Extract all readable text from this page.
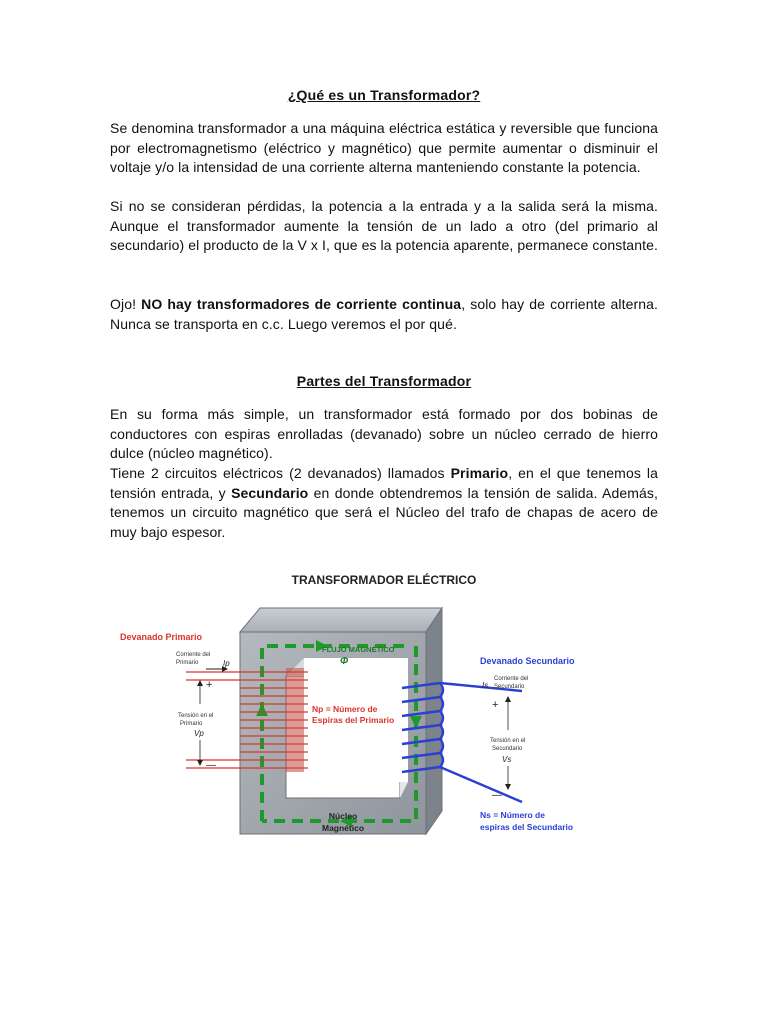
¿Qué es un Transformador?
Se denomina transformador a una máquina eléctrica estática y reversible que funciona por electromagnetismo (eléctrico y magnético) que permite aumentar o disminuir el voltaje y/o la intensidad de una corriente alterna manteniendo constante la potencia.
Si no se consideran pérdidas, la potencia a la entrada y a la salida será la misma. Aunque el transformador aumente la tensión de un lado a otro (del primario al secundario) el producto de la V x I, que es la potencia aparente, permanece constante.
Ojo! NO hay transformadores de corriente continua, solo hay de corriente alterna. Nunca se transporta en c.c. Luego veremos el por qué.
Partes del Transformador
En su forma más simple, un transformador está formado por dos bobinas de conductores con espiras enrolladas (devanado) sobre un núcleo cerrado de hierro dulce (núcleo magnético).
Tiene 2 circuitos eléctricos (2 devanados) llamados Primario, en el que tenemos la tensión entrada, y Secundario en donde obtendremos la tensión de salida. Además, tenemos un circuito magnético que será el Núcleo del trafo de chapas de acero de muy bajo espesor.
TRANSFORMADOR ELÉCTRICO
FLUJO MAGNÉTICO
Φ
Devanado Primario
Corriente del
Primario	Ip
+
Tensión en el
Primario
Vp
—
Np = Número de
Espiras del Primario
Núcleo
Magnético
Devanado Secundario
Corriente del
Secundario
Is
+
Tensión en el
Secundario
Vs
—
Ns = Número de
espiras del Secundario
